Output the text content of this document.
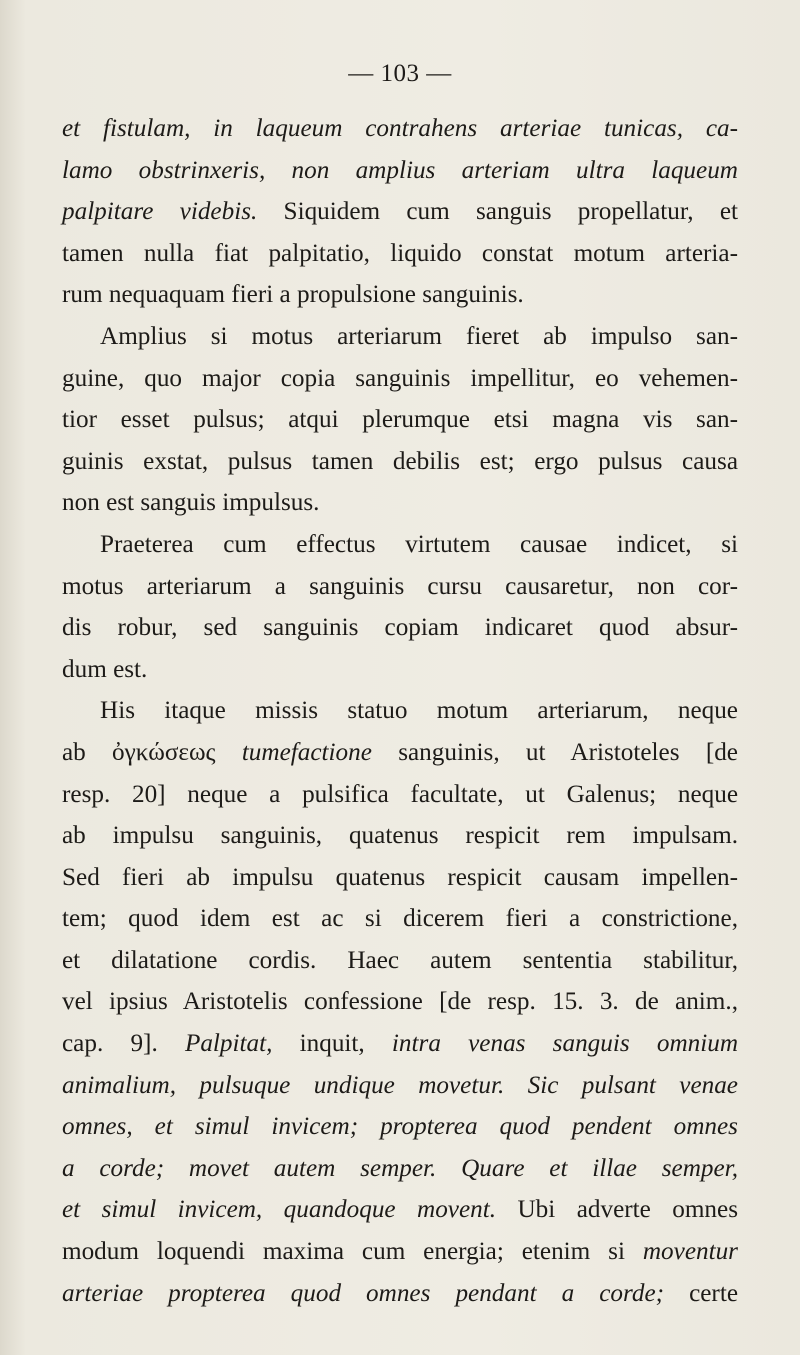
— 103 —
et fistulam, in laqueum contrahens arteriae tunicas, ca-
lamo obstrinxeris, non amplius arteriam ultra laqueum
palpitare videbis. Siquidem cum sanguis propellatur, et
tamen nulla fiat palpitatio, liquido constat motum arteria-
rum nequaquam fieri a propulsione sanguinis.
Amplius si motus arteriarum fieret ab impulso san-
guine, quo major copia sanguinis impellitur, eo vehemen-
tior esset pulsus; atqui plerumque etsi magna vis san-
guinis exstat, pulsus tamen debilis est; ergo pulsus causa
non est sanguis impulsus.
Praeterea cum effectus virtutem causae indicet, si
motus arteriarum a sanguinis cursu causaretur, non cor-
dis robur, sed sanguinis copiam indicaret quod absur-
dum est.
His itaque missis statuo motum arteriarum, neque
ab ὀγκώσεως tumefactione sanguinis, ut Aristoteles [de
resp. 20] neque a pulsifica facultate, ut Galenus; neque
ab impulsu sanguinis, quatenus respicit rem impulsam.
Sed fieri ab impulsu quatenus respicit causam impellen-
tem; quod idem est ac si dicerem fieri a constrictione,
et dilatatione cordis. Haec autem sententia stabilitur,
vel ipsius Aristotelis confessione [de resp. 15. 3. de anim.,
cap. 9]. Palpitat, inquit, intra venas sanguis omnium
animalium, pulsuque undique movetur. Sic pulsant venae
omnes, et simul invicem; propterea quod pendent omnes
a corde; movet autem semper. Quare et illae semper,
et simul invicem, quandoque movent. Ubi adverte omnes
modum loquendi maxima cum energia; etenim si moventur
arteriae propterea quod omnes pendant a corde; certe
